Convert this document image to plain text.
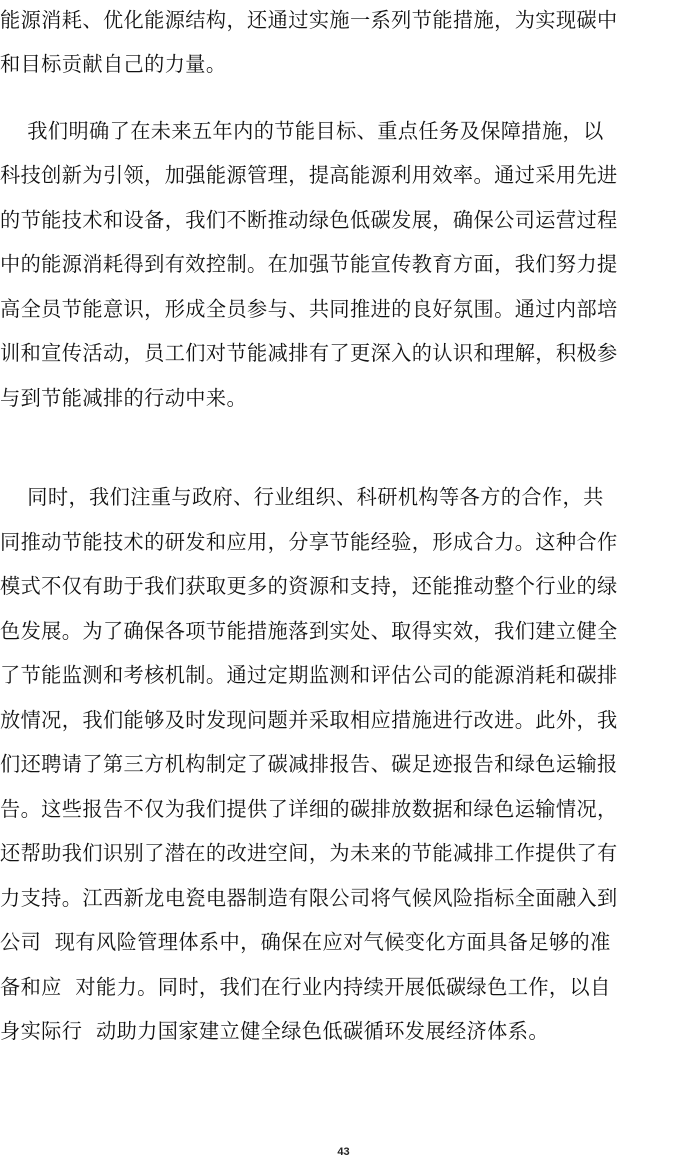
能源消耗、优化能源结构，还通过实施一系列节能措施，为实现碳中
和目标贡献自己的力量。
我们明确了在未来五年内的节能目标、重点任务及保障措施，以
科技创新为引领，加强能源管理，提高能源利用效率。通过采用先进
的节能技术和设备，我们不断推动绿色低碳发展，确保公司运营过程
中的能源消耗得到有效控制。在加强节能宣传教育方面，我们努力提
高全员节能意识，形成全员参与、共同推进的良好氛围。通过内部培
训和宣传活动，员工们对节能减排有了更深入的认识和理解，积极参
与到节能减排的行动中来。
同时，我们注重与政府、行业组织、科研机构等各方的合作，共
同推动节能技术的研发和应用，分享节能经验，形成合力。这种合作
模式不仅有助于我们获取更多的资源和支持，还能推动整个行业的绿
色发展。为了确保各项节能措施落到实处、取得实效，我们建立健全
了节能监测和考核机制。通过定期监测和评估公司的能源消耗和碳排
放情况，我们能够及时发现问题并采取相应措施进行改进。此外，我
们还聘请了第三方机构制定了碳减排报告、碳足迹报告和绿色运输报
告。这些报告不仅为我们提供了详细的碳排放数据和绿色运输情况，
还帮助我们识别了潜在的改进空间，为未来的节能减排工作提供了有
力支持。江西新龙电瓷电器制造有限公司将气候风险指标全面融入到
公司  现有风险管理体系中，确保在应对气候变化方面具备足够的准
备和应  对能力。同时，我们在行业内持续开展低碳绿色工作，以自
身实际行  动助力国家建立健全绿色低碳循环发展经济体系。
43
